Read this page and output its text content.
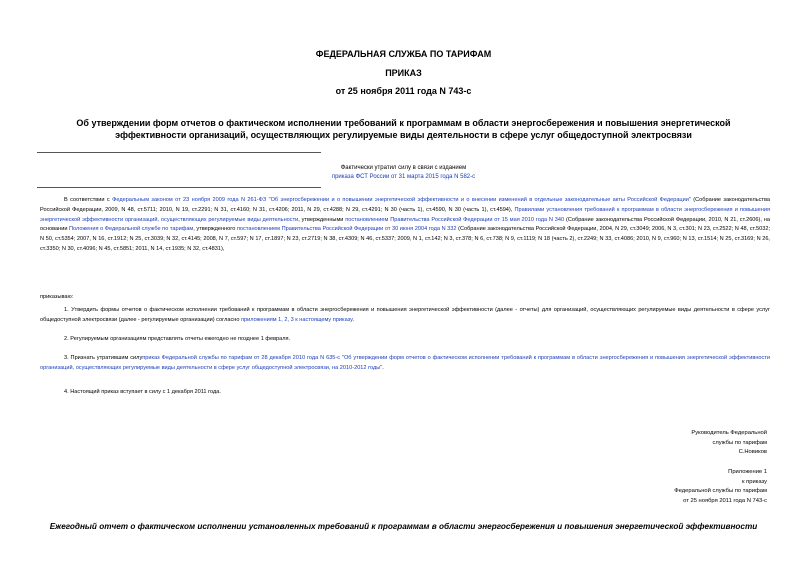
ФЕДЕРАЛЬНАЯ СЛУЖБА ПО ТАРИФАМ
ПРИКАЗ
от 25 ноября 2011 года N 743-с
Об утверждении форм отчетов о фактическом исполнении требований к программам в области энергосбережения и повышения энергетической эффективности организаций, осуществляющих регулируемые виды деятельности в сфере услуг общедоступной электросвязи
Фактически утратил силу в связи с изданием
приказа ФСТ России от 31 марта 2015 года N 582-с
В соответствии с Федеральным законом от 23 ноября 2009 года N 261-ФЗ "Об энергосбережении и о повышении энергетической эффективности и о внесении изменений в отдельные законодательные акты Российской Федерации" (Собрание законодательства Российской Федерации, 2009, N 48, ст.5711; 2010, N 19, ст.2291; N 31, ст.4160; N 31, ст.4206; 2011, N 29, ст.4288; N 29, ст.4291; N 30 (часть 1), ст.4590, N 30 (часть 1), ст.4594), Правилами установления требований к программам в области энергосбережения и повышения энергетической эффективности организаций, осуществляющих регулируемые виды деятельности, утвержденными постановлением Правительства Российской Федерации от 15 мая 2010 года N 340 (Собрание законодательства Российской Федерации, 2010, N 21, ст.2606), на основании Положения о Федеральной службе по тарифам, утвержденного постановлением Правительства Российской Федерации от 30 июня 2004 года N 332 (Собрание законодательства Российской Федерации, 2004, N 29, ст.3049; 2006, N 3, ст.301; N 23, ст.2522; N 48, ст.5032; N 50, ст.5354; 2007, N 16, ст.1912; N 25, ст.3039; N 32, ст.4145; 2008, N 7, ст.597; N 17, ст.1897; N 23, ст.2719; N 38, ст.4309; N 46, ст.5337; 2009, N 1, ст.142; N 3, ст.378; N 6, ст.738; N 9, ст.1119; N 18 (часть 2), ст.2249; N 33, ст.4086; 2010, N 9, ст.960; N 13, ст.1514; N 25, ст.3169; N 26, ст.3350; N 30, ст.4096; N 45, ст.5851; 2011, N 14, ст.1935; N 32, ст.4831),
приказываю:
1. Утвердить формы отчетов о фактическом исполнении требований к программам в области энергосбережения и повышения энергетической эффективности (далее - отчеты) для организаций, осуществляющих регулируемые виды деятельности в сфере услуг общедоступной электросвязи (далее - регулируемые организации) согласно приложениям 1, 2, 3 к настоящему приказу.
2. Регулируемым организациям представлять отчеты ежегодно не позднее 1 февраля.
3. Признать утратившим силуприказ Федеральной службы по тарифам от 28 декабря 2010 года N 635-с "Об утверждении форм отчетов о фактическом исполнении требований к программам в области энергосбережения и повышения энергетической эффективности организаций, осуществляющих регулируемые виды деятельности в сфере услуг общедоступной электросвязи, на 2010-2012 годы".
4. Настоящий приказ вступает в силу с 1 декабря 2011 года.
Руководитель Федеральной
службы по тарифам
С.Новиков
Приложение 1
к приказу
Федеральной службы по тарифам
от 25 ноября 2011 года N 743-с
Ежегодный отчет о фактическом исполнении установленных требований к программам в области энергосбережения и повышения энергетической эффективности
